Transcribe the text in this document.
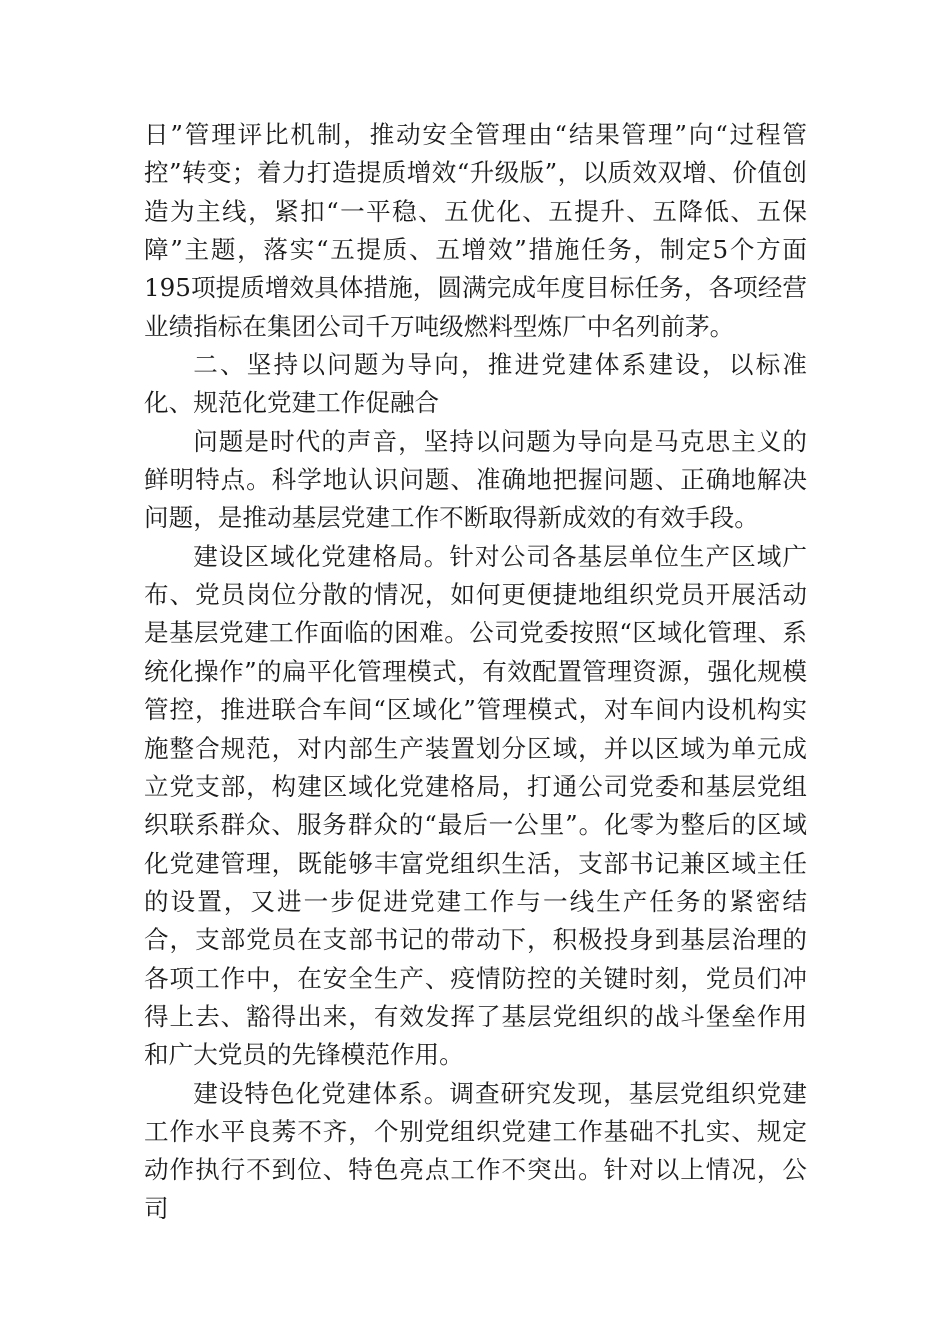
日”管理评比机制，推动安全管理由“结果管理”向“过程管控”转变；着力打造提质增效“升级版”，以质效双增、价值创造为主线，紧扣“一平稳、五优化、五提升、五降低、五保障”主题，落实“五提质、五增效”措施任务，制定5个方面195项提质增效具体措施，圆满完成年度目标任务，各项经营业绩指标在集团公司千万吨级燃料型炼厂中名列前茅。

二、坚持以问题为导向，推进党建体系建设，以标准化、规范化党建工作促融合

问题是时代的声音，坚持以问题为导向是马克思主义的鲜明特点。科学地认识问题、准确地把握问题、正确地解决问题，是推动基层党建工作不断取得新成效的有效手段。

建设区域化党建格局。针对公司各基层单位生产区域广布、党员岗位分散的情况，如何更便捷地组织党员开展活动是基层党建工作面临的困难。公司党委按照“区域化管理、系统化操作”的扁平化管理模式，有效配置管理资源，强化规模管控，推进联合车间“区域化”管理模式，对车间内设机构实施整合规范，对内部生产装置划分区域，并以区域为单元成立党支部，构建区域化党建格局，打通公司党委和基层党组织联系群众、服务群众的“最后一公里”。化零为整后的区域化党建管理，既能够丰富党组织生活，支部书记兼区域主任的设置，又进一步促进党建工作与一线生产任务的紧密结合，支部党员在支部书记的带动下，积极投身到基层治理的各项工作中，在安全生产、疫情防控的关键时刻，党员们冲得上去、豁得出来，有效发挥了基层党组织的战斗堡垒作用和广大党员的先锋模范作用。

建设特色化党建体系。调查研究发现，基层党组织党建工作水平良莠不齐，个别党组织党建工作基础不扎实、规定动作执行不到位、特色亮点工作不突出。针对以上情况，公司
